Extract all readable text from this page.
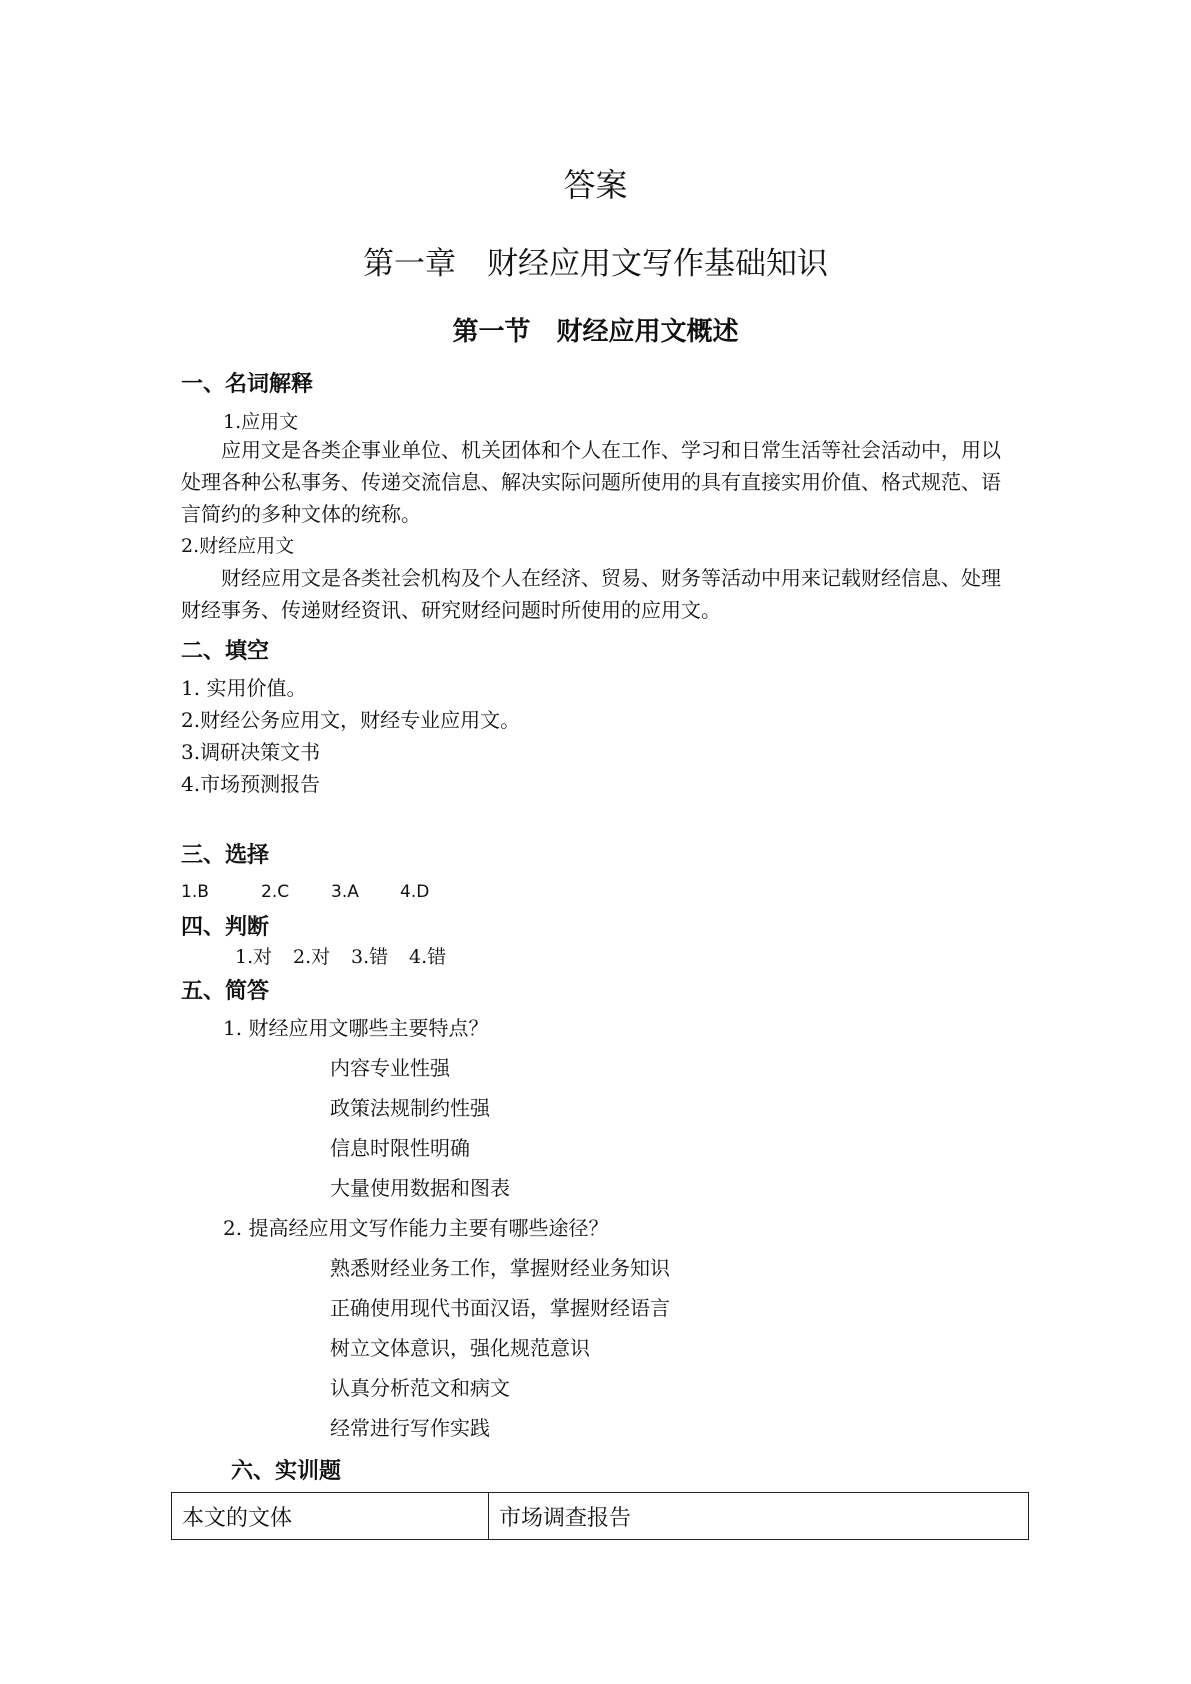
答案
第一章　财经应用文写作基础知识
第一节　财经应用文概述
一、名词解释
1.应用文
应用文是各类企事业单位、机关团体和个人在工作、学习和日常生活等社会活动中，用以处理各种公私事务、传递交流信息、解决实际问题所使用的具有直接实用价值、格式规范、语言简约的多种文体的统称。
2.财经应用文
财经应用文是各类社会机构及个人在经济、贸易、财务等活动中用来记载财经信息、处理财经事务、传递财经资讯、研究财经问题时所使用的应用文。
二、填空
1. 实用价值。
2.财经公务应用文，财经专业应用文。
3.调研决策文书
4.市场预测报告
三、选择
1.B	2.C 3.A 4.D
四、判断
1.对 2.对 3.错 4.错
五、简答
1. 财经应用文哪些主要特点？
内容专业性强
政策法规制约性强
信息时限性明确
大量使用数据和图表
2. 提高经应用文写作能力主要有哪些途径？
熟悉财经业务工作，掌握财经业务知识
正确使用现代书面汉语，掌握财经语言
树立文体意识，强化规范意识
认真分析范文和病文
经常进行写作实践
六、实训题
本文的文体	市场调查报告
